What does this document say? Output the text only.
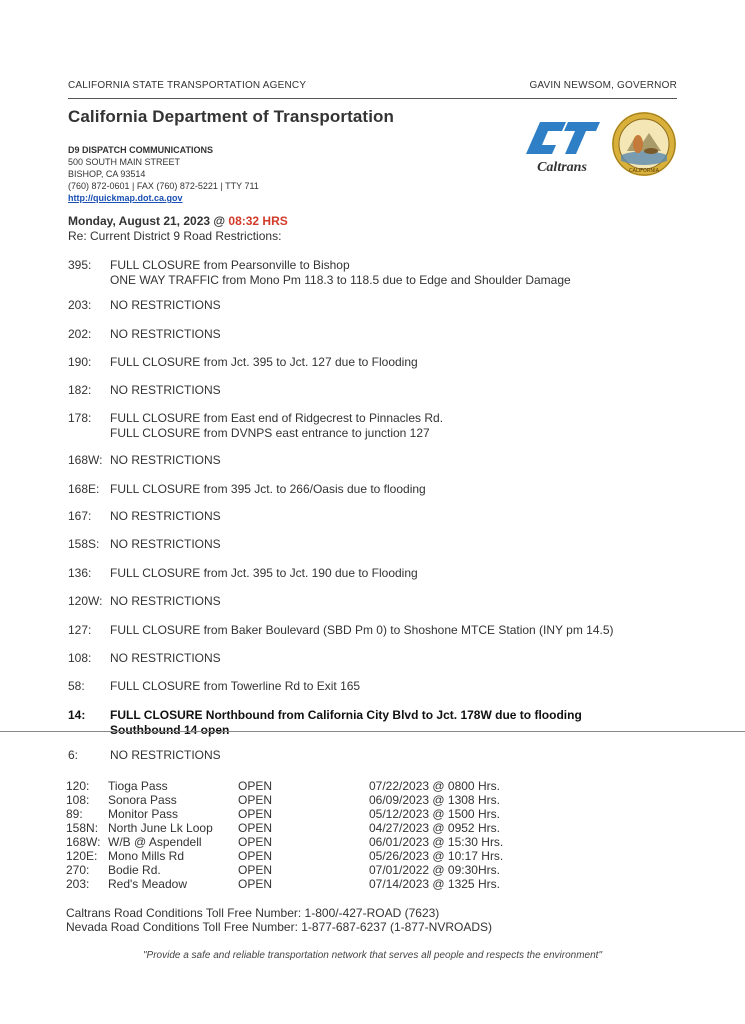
CALIFORNIA STATE TRANSPORTATION AGENCY	GAVIN NEWSOM, GOVERNOR
California Department of Transportation
Caltrans	CALIFORNIA
D9 DISPATCH COMMUNICATIONS
500 SOUTH MAIN STREET
BISHOP, CA 93514
(760) 872-0601 | FAX (760) 872-5221 | TTY 711
http://quickmap.dot.ca.gov
Monday, August 21, 2023 @ 08:32 HRS
Re: Current District 9 Road Restrictions:
395:	FULL CLOSURE from Pearsonville to Bishop
ONE WAY TRAFFIC from Mono Pm 118.3 to 118.5 due to Edge and Shoulder Damage
203:	NO RESTRICTIONS
202:	NO RESTRICTIONS
190:	FULL CLOSURE from Jct. 395 to Jct. 127 due to Flooding
182:	NO RESTRICTIONS
178:	FULL CLOSURE from East end of Ridgecrest to Pinnacles Rd.
FULL CLOSURE from DVNPS east entrance to junction 127
168W: NO RESTRICTIONS
168E: FULL CLOSURE from 395 Jct. to 266/Oasis due to flooding
167:	NO RESTRICTIONS
158S: NO RESTRICTIONS
136:	FULL CLOSURE from Jct. 395 to Jct. 190 due to Flooding
120W: NO RESTRICTIONS
127:	FULL CLOSURE from Baker Boulevard (SBD Pm 0) to Shoshone MTCE Station (INY pm 14.5)
108:	NO RESTRICTIONS
58:	FULL CLOSURE from Towerline Rd to Exit 165
14:	FULL CLOSURE Northbound from California City Blvd to Jct. 178W due to flooding
Southbound 14 open
6:	NO RESTRICTIONS
120: Tioga Pass	OPEN	07/22/2023 @ 0800 Hrs.
108: Sonora Pass	OPEN	06/09/2023 @ 1308 Hrs.
89: Monitor Pass	OPEN	05/12/2023 @ 1500 Hrs.
158N: North June Lk Loop OPEN	04/27/2023 @ 0952 Hrs.
168W: W/B @ Aspendell	OPEN	06/01/2023 @ 15:30 Hrs.
120E: Mono Mills Rd	OPEN	05/26/2023 @ 10:17 Hrs.
270: Bodie Rd.	OPEN	07/01/2022 @ 09:30Hrs.
203: Red's Meadow	OPEN	07/14/2023 @ 1325 Hrs.
Caltrans Road Conditions Toll Free Number: 1-800/-427-ROAD (7623)
Nevada Road Conditions Toll Free Number: 1-877-687-6237 (1-877-NVROADS)
"Provide a safe and reliable transportation network that serves all people and respects the environment"
